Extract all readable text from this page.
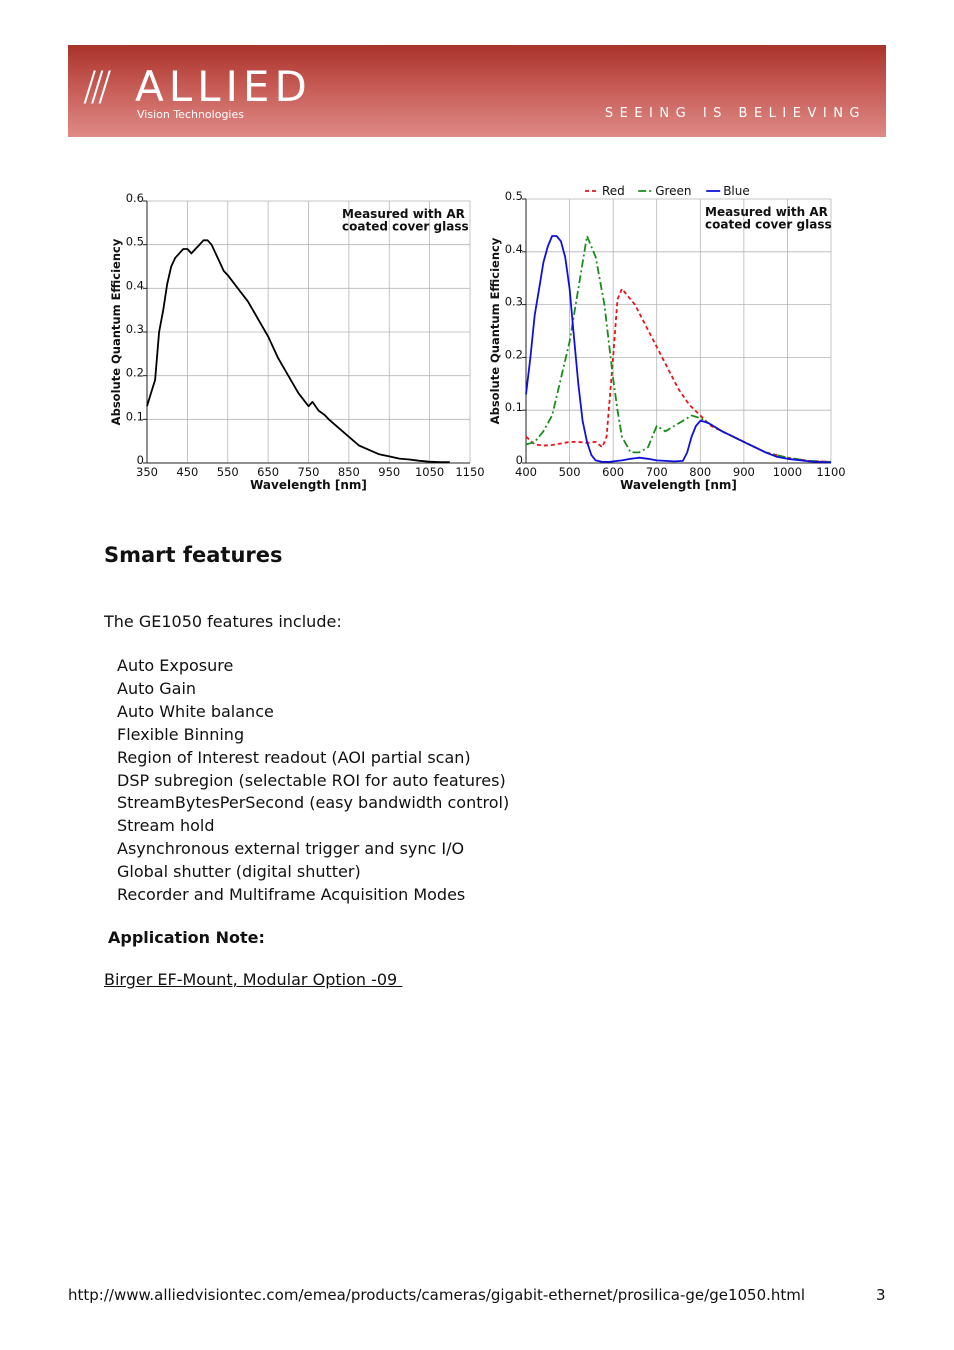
/// ALLIED
Vision Technologies	SEEING IS BELIEVING
350 450 550 650 750 850 950 1050 1150
0
0.1
0.2
0.3
0.4
0.5
0.6
Wavelength [nm]
Absolute Quantum Efficiency
Measured with AR
coated cover glass
400 500 600 700 800 900 1000 1100
0
0.1
0.2
0.3
0.4
0.5
Wavelength [nm]
Absolute Quantum Efficiency
Measured with AR
coated cover glass
Red	Green	Blue
Smart features

The GE1050 features include:

Auto Exposure
Auto Gain
Auto White balance
Flexible Binning
Region of Interest readout (AOI partial scan)
DSP subregion (selectable ROI for auto features)
StreamBytesPerSecond (easy bandwidth control)
Stream hold
Asynchronous external trigger and sync I/O
Global shutter (digital shutter)
Recorder and Multiframe Acquisition Modes

Application Note:

Birger EF-Mount, Modular Option -09
http://www.alliedvisiontec.com/emea/products/cameras/gigabit-ethernet/prosilica-ge/ge1050.html	3
